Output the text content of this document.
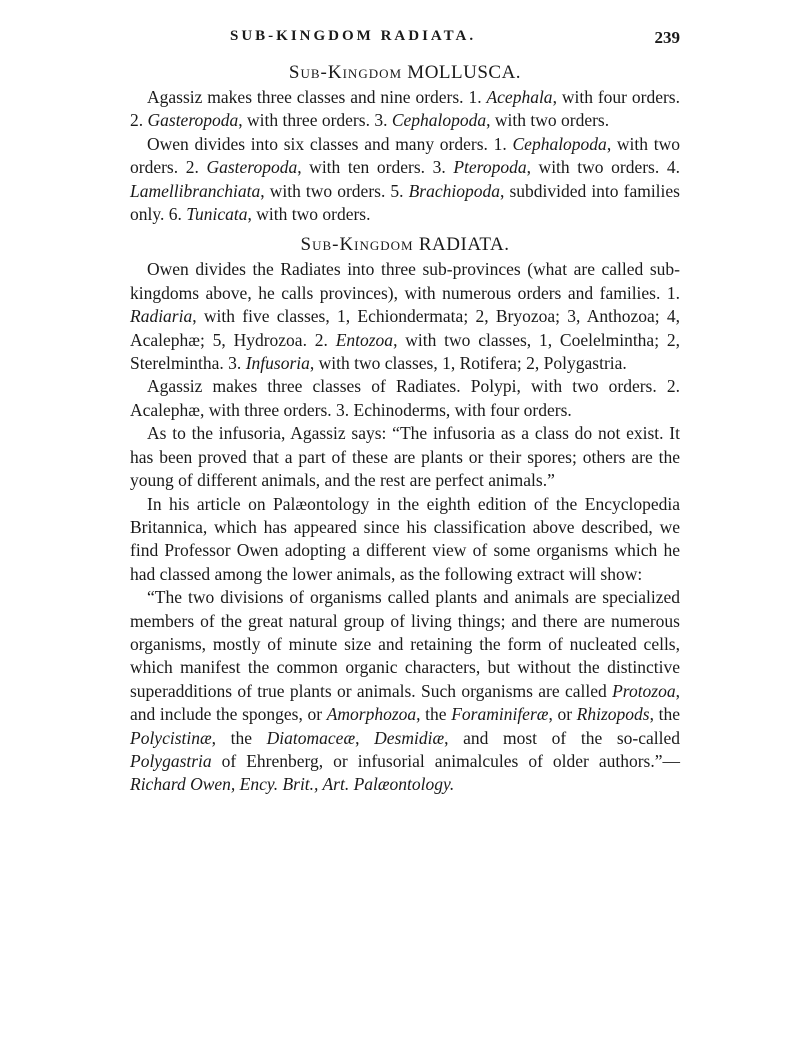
SUB-KINGDOM RADIATA.	239
Sub-Kingdom MOLLUSCA.

Agassiz makes three classes and nine orders. 1. Acephala, with four orders. 2. Gasteropoda, with three orders. 3. Cephalopoda, with two orders.

Owen divides into six classes and many orders. 1. Cephalopoda, with two orders. 2. Gasteropoda, with ten orders. 3. Pteropoda, with two orders. 4. Lamellibranchiata, with two orders. 5. Brachiopoda, subdivided into families only. 6. Tunicata, with two orders.

Sub-Kingdom RADIATA.

Owen divides the Radiates into three sub-provinces (what are called sub-kingdoms above, he calls provinces), with numerous orders and families. 1. Radiaria, with five classes, 1, Echiondermata; 2, Bryozoa; 3, Anthozoa; 4, Acalephæ; 5, Hydrozoa. 2. Entozoa, with two classes, 1, Coelelmintha; 2, Sterelmintha. 3. Infusoria, with two classes, 1, Rotifera; 2, Polygastria.

Agassiz makes three classes of Radiates. Polypi, with two orders. 2. Acalephæ, with three orders. 3. Echinoderms, with four orders.

As to the infusoria, Agassiz says: “The infusoria as a class do not exist. It has been proved that a part of these are plants or their spores; others are the young of different animals, and the rest are perfect animals.”

In his article on Palæontology in the eighth edition of the Encyclopedia Britannica, which has appeared since his classification above described, we find Professor Owen adopting a different view of some organisms which he had classed among the lower animals, as the following extract will show:

“The two divisions of organisms called plants and animals are specialized members of the great natural group of living things; and there are numerous organisms, mostly of minute size and retaining the form of nucleated cells, which manifest the common organic characters, but without the distinctive superadditions of true plants or animals. Such organisms are called Protozoa, and include the sponges, or Amorphozoa, the Foraminiferæ, or Rhizopods, the Polycistinæ, the Diatomaceæ, Desmidiæ, and most of the so-called Polygastria of Ehrenberg, or infusorial animalcules of older authors.”—Richard Owen, Ency. Brit., Art. Palæontology.
